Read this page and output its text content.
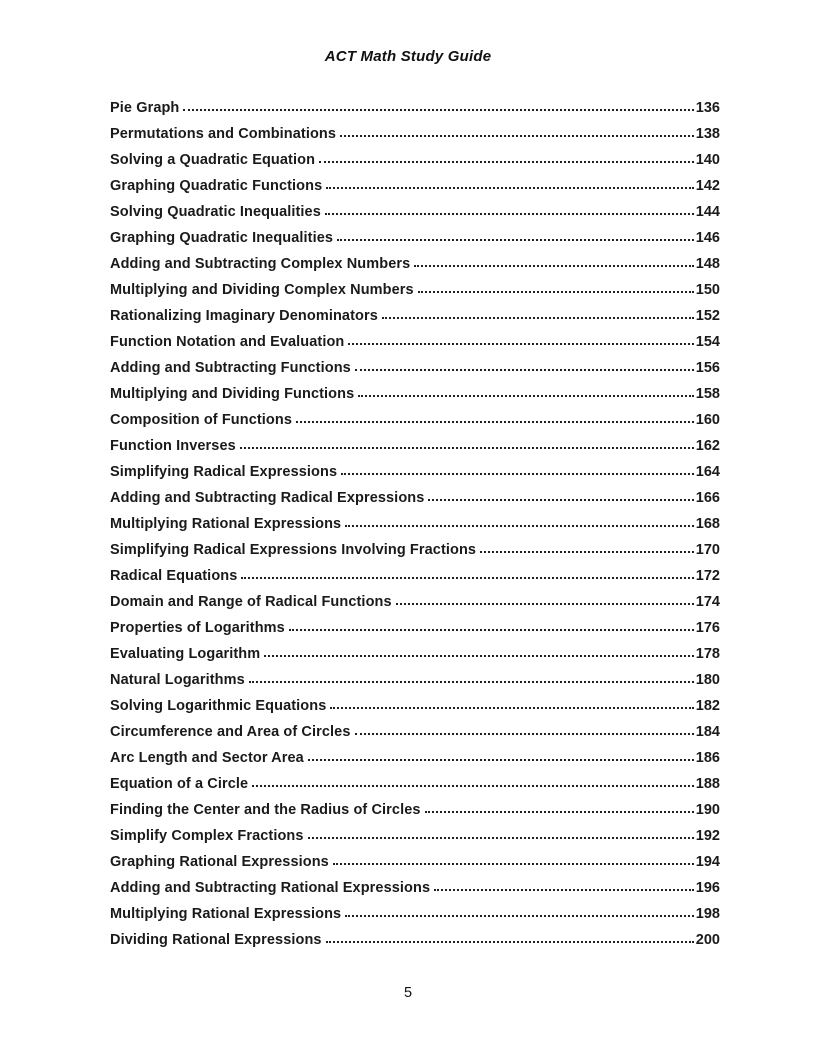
ACT Math Study Guide
Pie Graph	136
Permutations and Combinations	138
Solving a Quadratic Equation	140
Graphing Quadratic Functions	142
Solving Quadratic Inequalities	144
Graphing Quadratic Inequalities	146
Adding and Subtracting Complex Numbers	148
Multiplying and Dividing Complex Numbers	150
Rationalizing Imaginary Denominators	152
Function Notation and Evaluation	154
Adding and Subtracting Functions	156
Multiplying and Dividing Functions	158
Composition of Functions	160
Function Inverses	162
Simplifying Radical Expressions	164
Adding and Subtracting Radical Expressions	166
Multiplying Rational Expressions	168
Simplifying Radical Expressions Involving Fractions	170
Radical Equations	172
Domain and Range of Radical Functions	174
Properties of Logarithms	176
Evaluating Logarithm	178
Natural Logarithms	180
Solving Logarithmic Equations	182
Circumference and Area of Circles	184
Arc Length and Sector Area	186
Equation of a Circle	188
Finding the Center and the Radius of Circles	190
Simplify Complex Fractions	192
Graphing Rational Expressions	194
Adding and Subtracting Rational Expressions	196
Multiplying Rational Expressions	198
Dividing Rational Expressions	200
5
